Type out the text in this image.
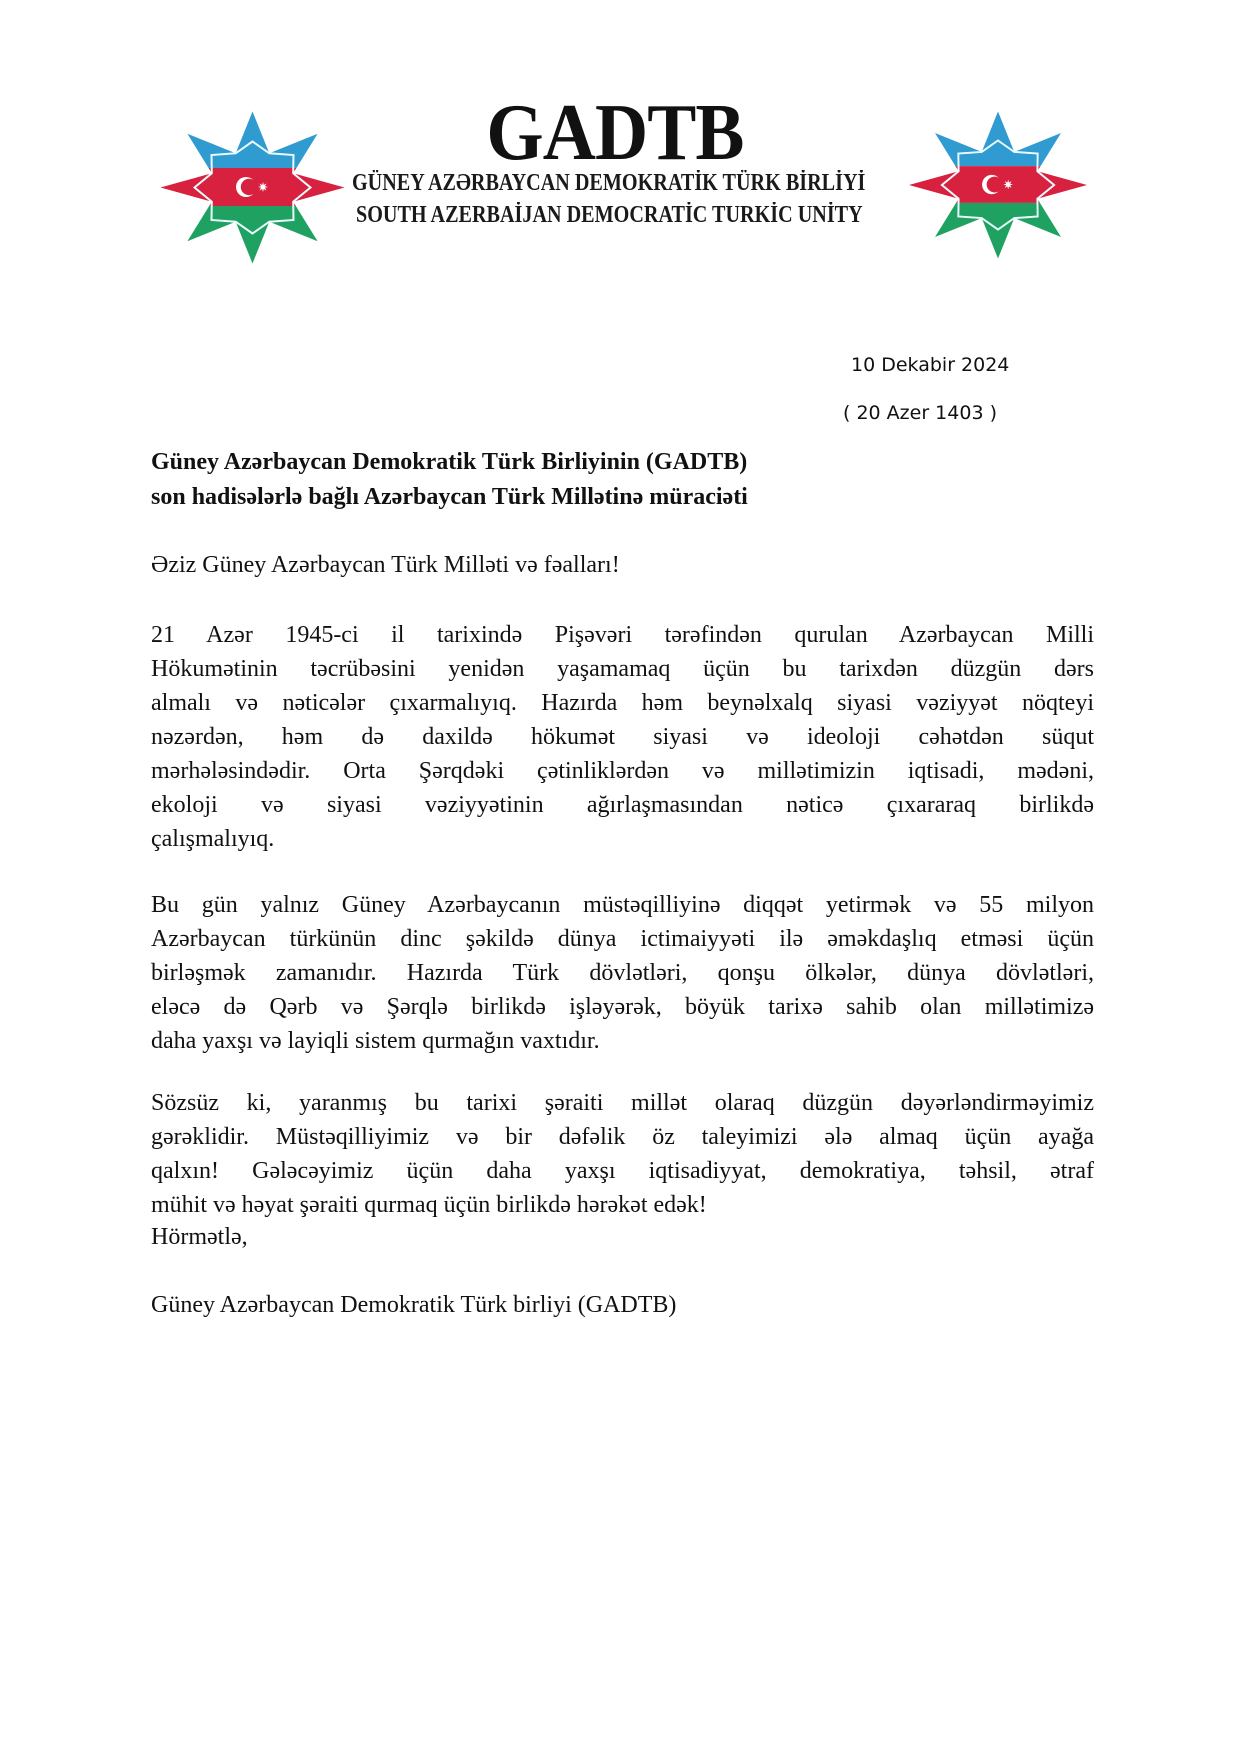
GADTB
GÜNEY AZƏRBAYCAN DEMOKRATİK TÜRK BİRLİYİ
SOUTH AZERBAİJAN DEMOCRATİC TURKİC UNİTY
10 Dekabir 2024
( 20 Azer 1403 )
Güney Azərbaycan Demokratik Türk Birliyinin (GADTB)
son hadisələrlə bağlı Azərbaycan Türk Millətinə müraciəti
Əziz Güney Azərbaycan Türk Milləti və fəalları!
21 Azər 1945-ci il tarixində Pişəvəri tərəfindən qurulan Azərbaycan Milli
Hökumətinin təcrübəsini yenidən yaşamamaq üçün bu tarixdən düzgün dərs
almalı və nəticələr çıxarmalıyıq. Hazırda həm beynəlxalq siyasi vəziyyət nöqteyi
nəzərdən, həm də daxildə hökumət siyasi və ideoloji cəhətdən süqut
mərhələsindədir. Orta Şərqdəki çətinliklərdən və millətimizin iqtisadi, mədəni,
ekoloji və siyasi vəziyyətinin ağırlaşmasından nəticə çıxararaq birlikdə
çalışmalıyıq.
Bu gün yalnız Güney Azərbaycanın müstəqilliyinə diqqət yetirmək və 55 milyon
Azərbaycan türkünün dinc şəkildə dünya ictimaiyyəti ilə əməkdaşlıq etməsi üçün
birləşmək zamanıdır. Hazırda Türk dövlətləri, qonşu ölkələr, dünya dövlətləri,
eləcə də Qərb və Şərqlə birlikdə işləyərək, böyük tarixə sahib olan millətimizə
daha yaxşı və layiqli sistem qurmağın vaxtıdır.
Sözsüz ki, yaranmış bu tarixi şəraiti millət olaraq düzgün dəyərləndirməyimiz
gərəklidir. Müstəqilliyimiz və bir dəfəlik öz taleyimizi ələ almaq üçün ayağa
qalxın! Gələcəyimiz üçün daha yaxşı iqtisadiyyat, demokratiya, təhsil, ətraf
mühit və həyat şəraiti qurmaq üçün birlikdə hərəkət edək!
Hörmətlə,
Güney Azərbaycan Demokratik Türk birliyi (GADTB)
